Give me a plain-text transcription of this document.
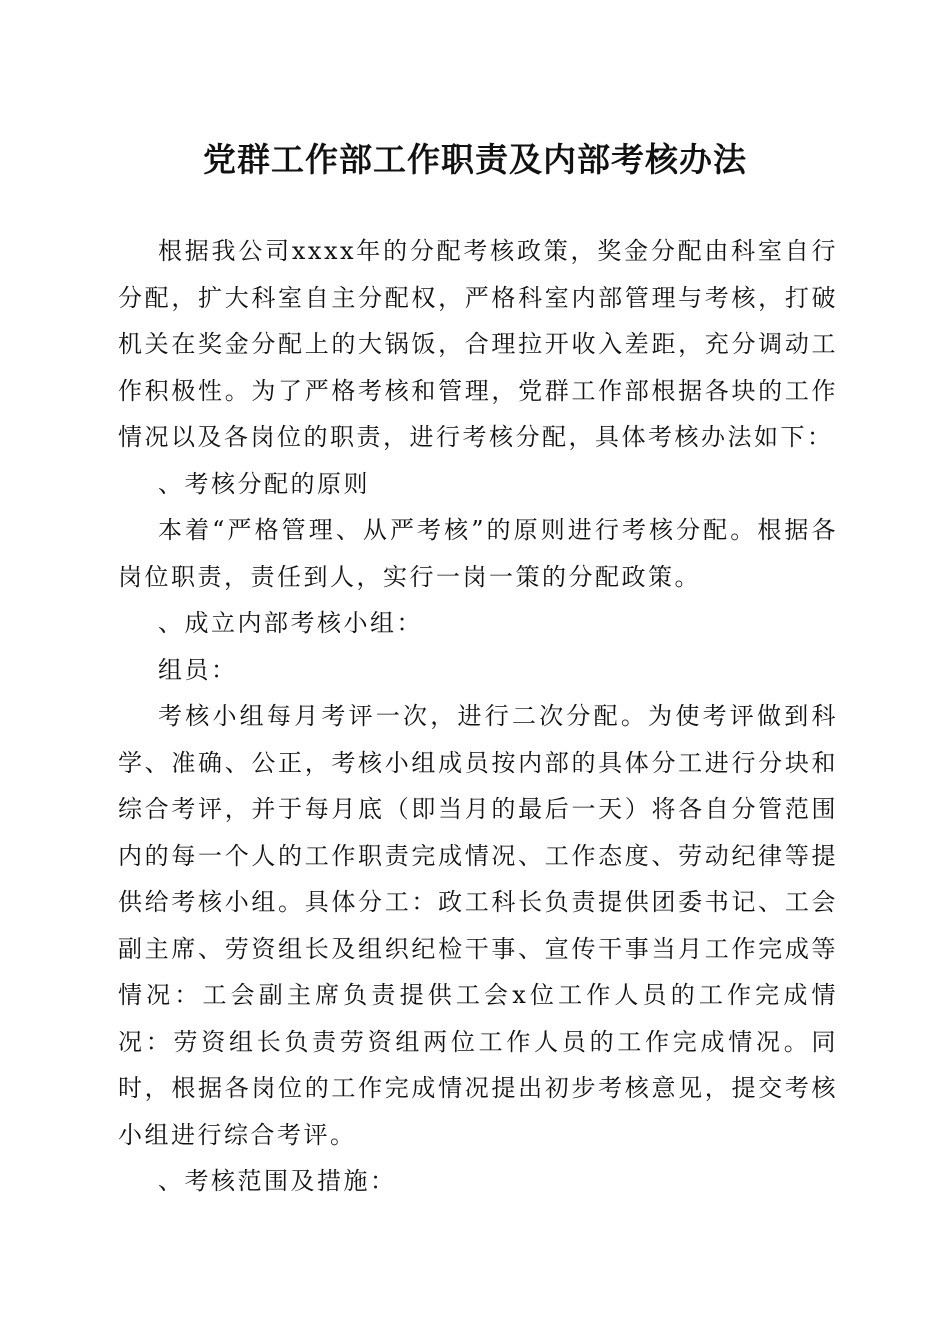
党群工作部工作职责及内部考核办法

根据我公司xxxx年的分配考核政策，奖金分配由科室自行分配，扩大科室自主分配权，严格科室内部管理与考核，打破机关在奖金分配上的大锅饭，合理拉开收入差距，充分调动工作积极性。为了严格考核和管理，党群工作部根据各块的工作情况以及各岗位的职责，进行考核分配，具体考核办法如下：

、考核分配的原则

本着“严格管理、从严考核”的原则进行考核分配。根据各岗位职责，责任到人，实行一岗一策的分配政策。

、成立内部考核小组：

组员：

考核小组每月考评一次，进行二次分配。为使考评做到科学、准确、公正，考核小组成员按内部的具体分工进行分块和综合考评，并于每月底（即当月的最后一天）将各自分管范围内的每一个人的工作职责完成情况、工作态度、劳动纪律等提供给考核小组。具体分工：政工科长负责提供团委书记、工会副主席、劳资组长及组织纪检干事、宣传干事当月工作完成等情况：工会副主席负责提供工会x位工作人员的工作完成情况：劳资组长负责劳资组两位工作人员的工作完成情况。同时，根据各岗位的工作完成情况提出初步考核意见，提交考核小组进行综合考评。

、考核范围及措施：
